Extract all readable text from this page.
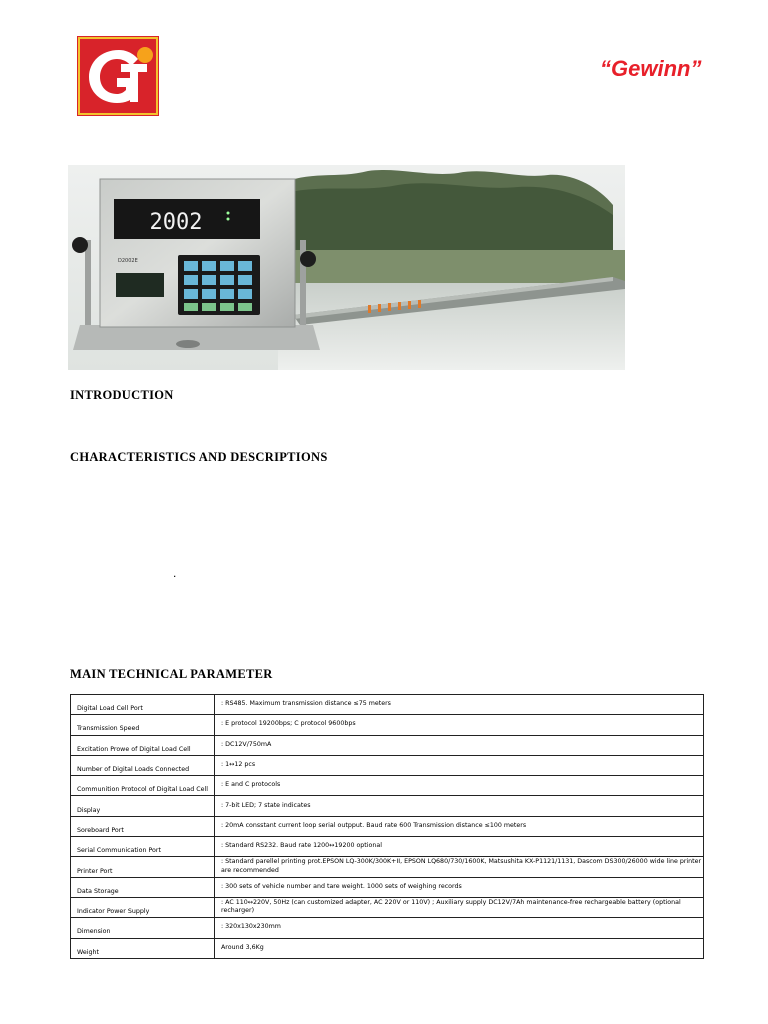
“Gewinn”
2002
D2002E
INTRODUCTION
CHARACTERISTICS AND DESCRIPTIONS
.
MAIN TECHNICAL PARAMETER
Digital Load Cell Port	: RS485. Maximum transmission distance ≤75 meters
Transmission Speed	: E protocol 19200bps; C protocol 9600bps
Excitation Prowe of Digital Load Cell	: DC12V/750mA
Number of Digital Loads Connected	: 1↔12 pcs
Communition Protocol of Digital Load Cell	: E and C protocols
Display	: 7-bit LED; 7 state indicates
Soreboard Port	: 20mA consstant current loop serial outpput. Baud rate 600 Transmission distance ≤100 meters
Serial Communication Port	: Standard RS232. Baud rate 1200↔19200 optional
Printer Port	: Standard parellel printing prot.EPSON LQ-300K/300K+II, EPSON LQ680/730/1600K, Matsushita KX-P1121/1131, Dascom DS300/26000 wide line printer are recommended
Data Storage	: 300 sets of vehicle number and tare weight. 1000 sets of weighing records
Indicator Power Supply	: AC 110↔220V, 50Hz (can customized adapter, AC 220V or 110V) ; Auxiliary supply DC12V/7Ah maintenance-free rechargeable battery (optional recharger)
Dimension	: 320x130x230mm
Weight	Around 3,6Kg
